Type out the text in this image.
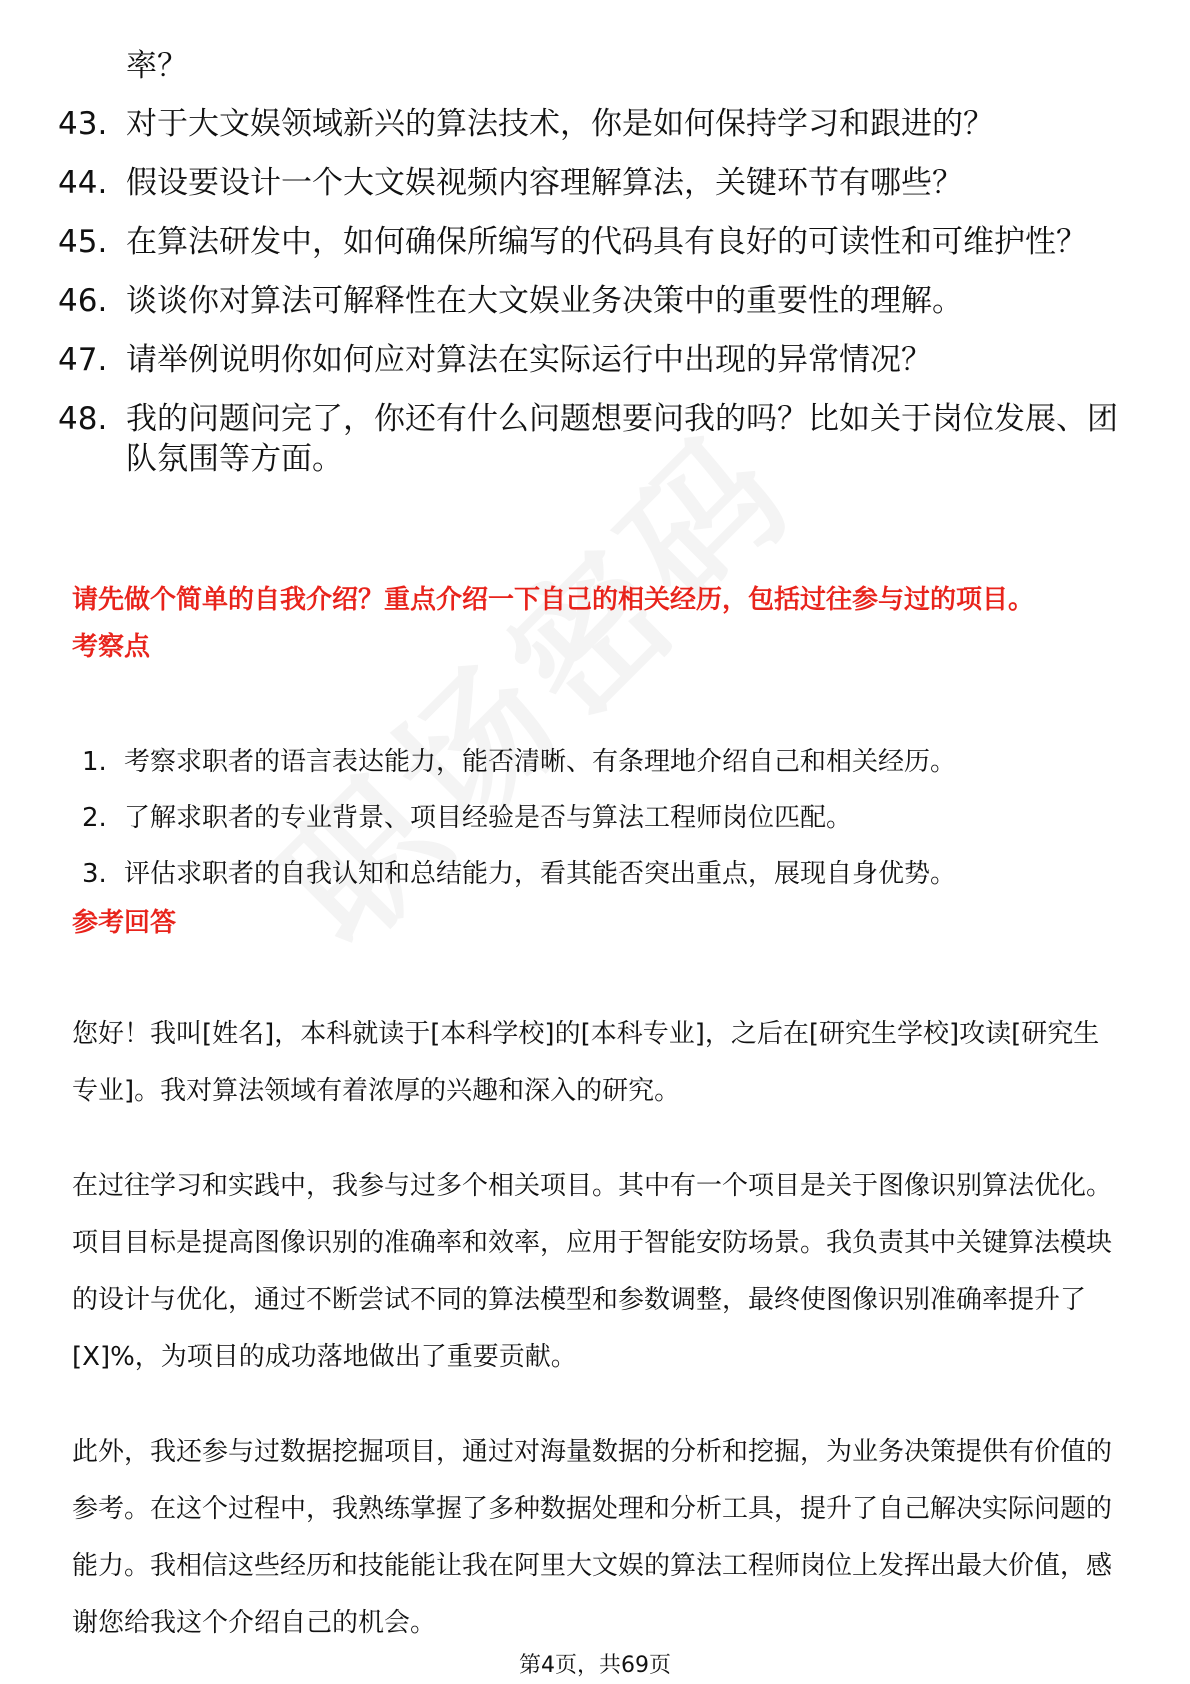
率？
43. 对于大文娱领域新兴的算法技术，你是如何保持学习和跟进的？
44. 假设要设计一个大文娱视频内容理解算法，关键环节有哪些？
45. 在算法研发中，如何确保所编写的代码具有良好的可读性和可维护性？
46. 谈谈你对算法可解释性在大文娱业务决策中的重要性的理解。
47. 请举例说明你如何应对算法在实际运行中出现的异常情况？
48. 我的问题问完了，你还有什么问题想要问我的吗？比如关于岗位发展、团队氛围等方面。
请先做个简单的自我介绍？重点介绍一下自己的相关经历，包括过往参与过的项目。
考察点
1. 考察求职者的语言表达能力，能否清晰、有条理地介绍自己和相关经历。
2. 了解求职者的专业背景、项目经验是否与算法工程师岗位匹配。
3. 评估求职者的自我认知和总结能力，看其能否突出重点，展现自身优势。
参考回答
您好！我叫[姓名]，本科就读于[本科学校]的[本科专业]，之后在[研究生学校]攻读[研究生专业]。我对算法领域有着浓厚的兴趣和深入的研究。
在过往学习和实践中，我参与过多个相关项目。其中有一个项目是关于图像识别算法优化。项目目标是提高图像识别的准确率和效率，应用于智能安防场景。我负责其中关键算法模块的设计与优化，通过不断尝试不同的算法模型和参数调整，最终使图像识别准确率提升了[X]%，为项目的成功落地做出了重要贡献。
此外，我还参与过数据挖掘项目，通过对海量数据的分析和挖掘，为业务决策提供有价值的参考。在这个过程中，我熟练掌握了多种数据处理和分析工具，提升了自己解决实际问题的能力。我相信这些经历和技能能让我在阿里大文娱的算法工程师岗位上发挥出最大价值，感谢您给我这个介绍自己的机会。
第4页，共69页
